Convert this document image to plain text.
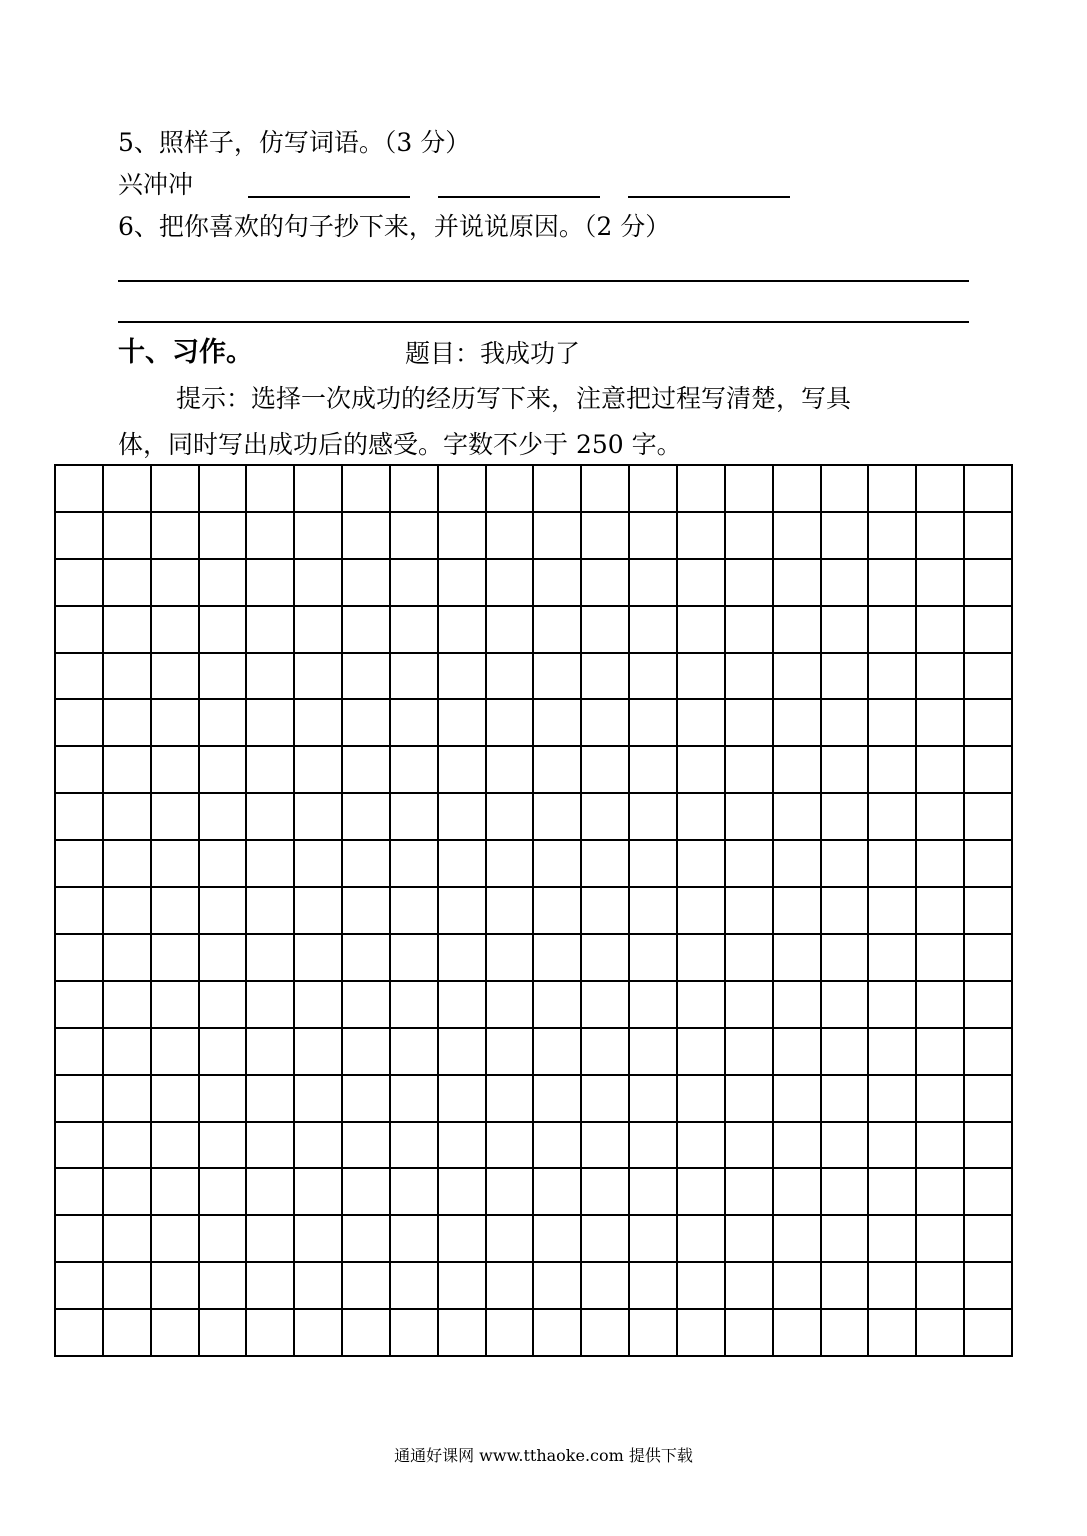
5、照样子，仿写词语。（3 分）
兴冲冲
6、把你喜欢的句子抄下来，并说说原因。（2 分）
十、习作。	题目：我成功了
提示：选择一次成功的经历写下来，注意把过程写清楚，写具
体，同时写出成功后的感受。字数不少于 250 字。
通通好课网 www.tthaoke.com 提供下载
